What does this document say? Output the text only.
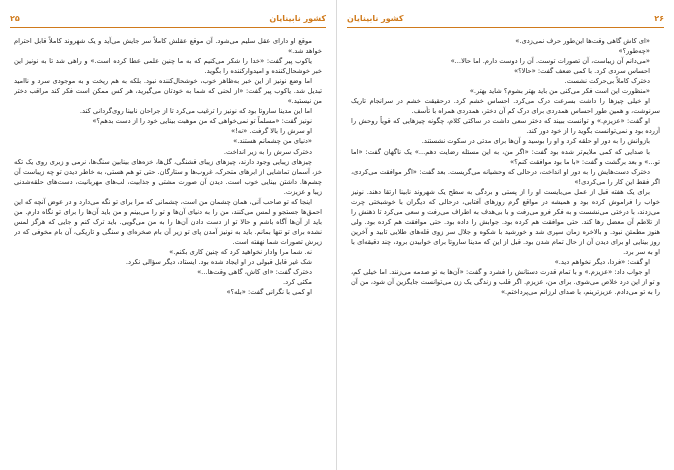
کشور نابینایان
۲۵

موقع او دارای عقل سلیم می‌شود. آن موقع عقلش کاملاً سر جایش می‌آید و یک شهروند کاملاً قابل احترام خواهد شد.»

یاکوب پیر گفت: «خدا را شکر می‌کنیم که به ما چنین علمی عطا کرده است.» و راهی شد تا به نونیز این خبر خوشحال‌کننده و امیدوار‌کننده را بگوید.

اما وضع نونیز از این خبر به‌ظاهر خوب، خوشحال‌کننده نبود. بلکه به هم ریخت و به موجودی سرد و ناامید تبدیل شد. یاکوب پیر گفت: «از لحنی که شما به خودتان می‌گیرید، هر کس ممکن است فکر کند مراقب دختر من نیستید.»

اما این مدینا ساروتا بود که نونیز را ترغیب می‌کرد تا از جراحان نابینا روی‌گردانی کند.

نونیز گفت: «مسلماً تو نمی‌خواهی که من موهبت بینایی خود را از دست بدهم؟»

او سرش را بالا گرفت. «نه!»

«دنیای من چشمانم هستند.»

دخترک سرش را به زیر انداخت.

چیزهای زیبایی وجود دارند، چیزهای زیبای قشنگی، گل‌ها، خزه‌های بینابین سنگ‌ها، نرمی و زبری روی یک تکه خز، آسمان تماشایی از ابرهای متحرک، غروب‌ها و ستارگان. حتی تو هم هستی، به خاطر دیدن تو چه زیباست آن چشم‌ها. داشتن بینایی خوب است. دیدن آن صورت مشتی و جذابیت، لب‌های مهربانیت، دست‌های حلقه‌شدنی زیبا و عزیزت.

اینجا که تو صاحب آنی، همان چشمان من است، چشمانی که مرا برای تو نگه می‌دارد و در عوض آنچه که این احمق‌ها جستجو و لمس می‌کنند، من را به دنیای آن‌ها و تو را می‌بینم و من باید آن‌ها را برای تو نگاه دارم. من باید از آن‌ها آگاه باشم و حالا تو از دست دادن آن‌ها را به من می‌گویی. باید ترک کنم و جایی که هرگز لمس نشده برای تو تنها بمانم. باید به نونیز آمدن پای تو زیر آن بام صخره‌ای و سنگی و تاریکی، آن بام مخوفی که در زیرش تصورات شما نهفته است.

نه. شما مرا وادار نخواهید کرد که چنین کاری بکنم.»

شک غیر قابل قبولی در او ایجاد شده بود. ایستاد، دیگر سؤالی نکرد.

دخترک گفت: «ای کاش، گاهی وقت‌ها...»

مکثی کرد.

او کمی با نگرانی گفت: «بله؟»

۲۶
کشور نابینایان

«ای کاش گاهی وقت‌ها این‌طور حرف نمی‌زدی.»

«چه‌طور؟»

«می‌دانم آن زیباست، آن تصورات توست. آن را دوست دارم. اما حالا...»

احساس سردی کرد. با کمی ضعف گفت: «حالا؟»

دخترک کاملاً بی‌حرکت نشست.

«منظورت این است فکر می‌کنی من باید بهتر بشوم؟ شاید بهتر.»

او خیلی چیزها را داشت بسرعت درک می‌کرد. احساس خشم کرد. درحقیقت خشم در سرانجام تاریک سرنوشت، و همین طور احساس همدردی برای درک کم آن دختر، همدردی همراه با تأسف.

او گفت: «عزیزم.» و توانست ببیند که دختر سعی داشت در ساکتی کلام، چگونه چیزهایی که قویاً روحش را آزرده بود و نمی‌توانست بگوید را از خود دور کند.

بازوانش را به دور او حلقه کرد و او را بوسید و آن‌ها برای مدتی در سکوت نشستند.

با صدایی که کمی ملایم‌تر شده بود گفت: «اگر من، به این مسئله رضایت دهم...» یک ناگهان گفت: «اما تو...» و بعد برگشت و گفت: «با ما بود موافقت کنم؟»

دخترک دست‌هایش را به دور او انداخت، درحالی که وحشیانه می‌گریست. بعد گفت: «اگر موافقت می‌کردی، اگر فقط این کار را می‌کردی!»

برای یک هفته قبل از عمل می‌بایست او را از پستی و بردگی به سطح یک شهروند نابینا ارتقا دهند. نونیز خواب را فراموش کرده بود و همیشه در مواقع گرم روزهای آفتابی، درحالی که دیگران با خوشبختی چرت می‌زدند، با درختی می‌نشست و به فکر فرو می‌رفت و با بی‌هدف به اطراف می‌رفت و سعی می‌کرد تا ذهنش را از تلاطم آن معضل رها کند. حتی موافقت هم کرده بود. جوابش را داده بود. حتی موافقت هم کرده بود. ولی هنوز مطمئن نبود. و بالاخره زمان سپری شد و خورشید با شکوه و جلال سر زوی قله‌های طلایی تابید و آخرین روز بینایی او برای دیدن آن از حال تمام شدن بود. قبل از این که مدینا ساروتا برای خوابیدن برود، چند دقیقه‌ای با او به سر برد.

او گفت: «فردا، دیگر نخواهم دید.»

او جواب داد: «عزیزم.» و با تمام قدرت دستانش را فشرد و گفت: «آن‌ها به تو صدمه می‌زنند. اما خیلی کم، و تو از این درد خلاص می‌شوی. برای من، عزیزم. اگر قلب و زندگی یک زن می‌توانست جایگزین آن شود، من آن را به تو می‌دادم. عزیزترینم، با صدای لرزانم می‌پرداختم.»
